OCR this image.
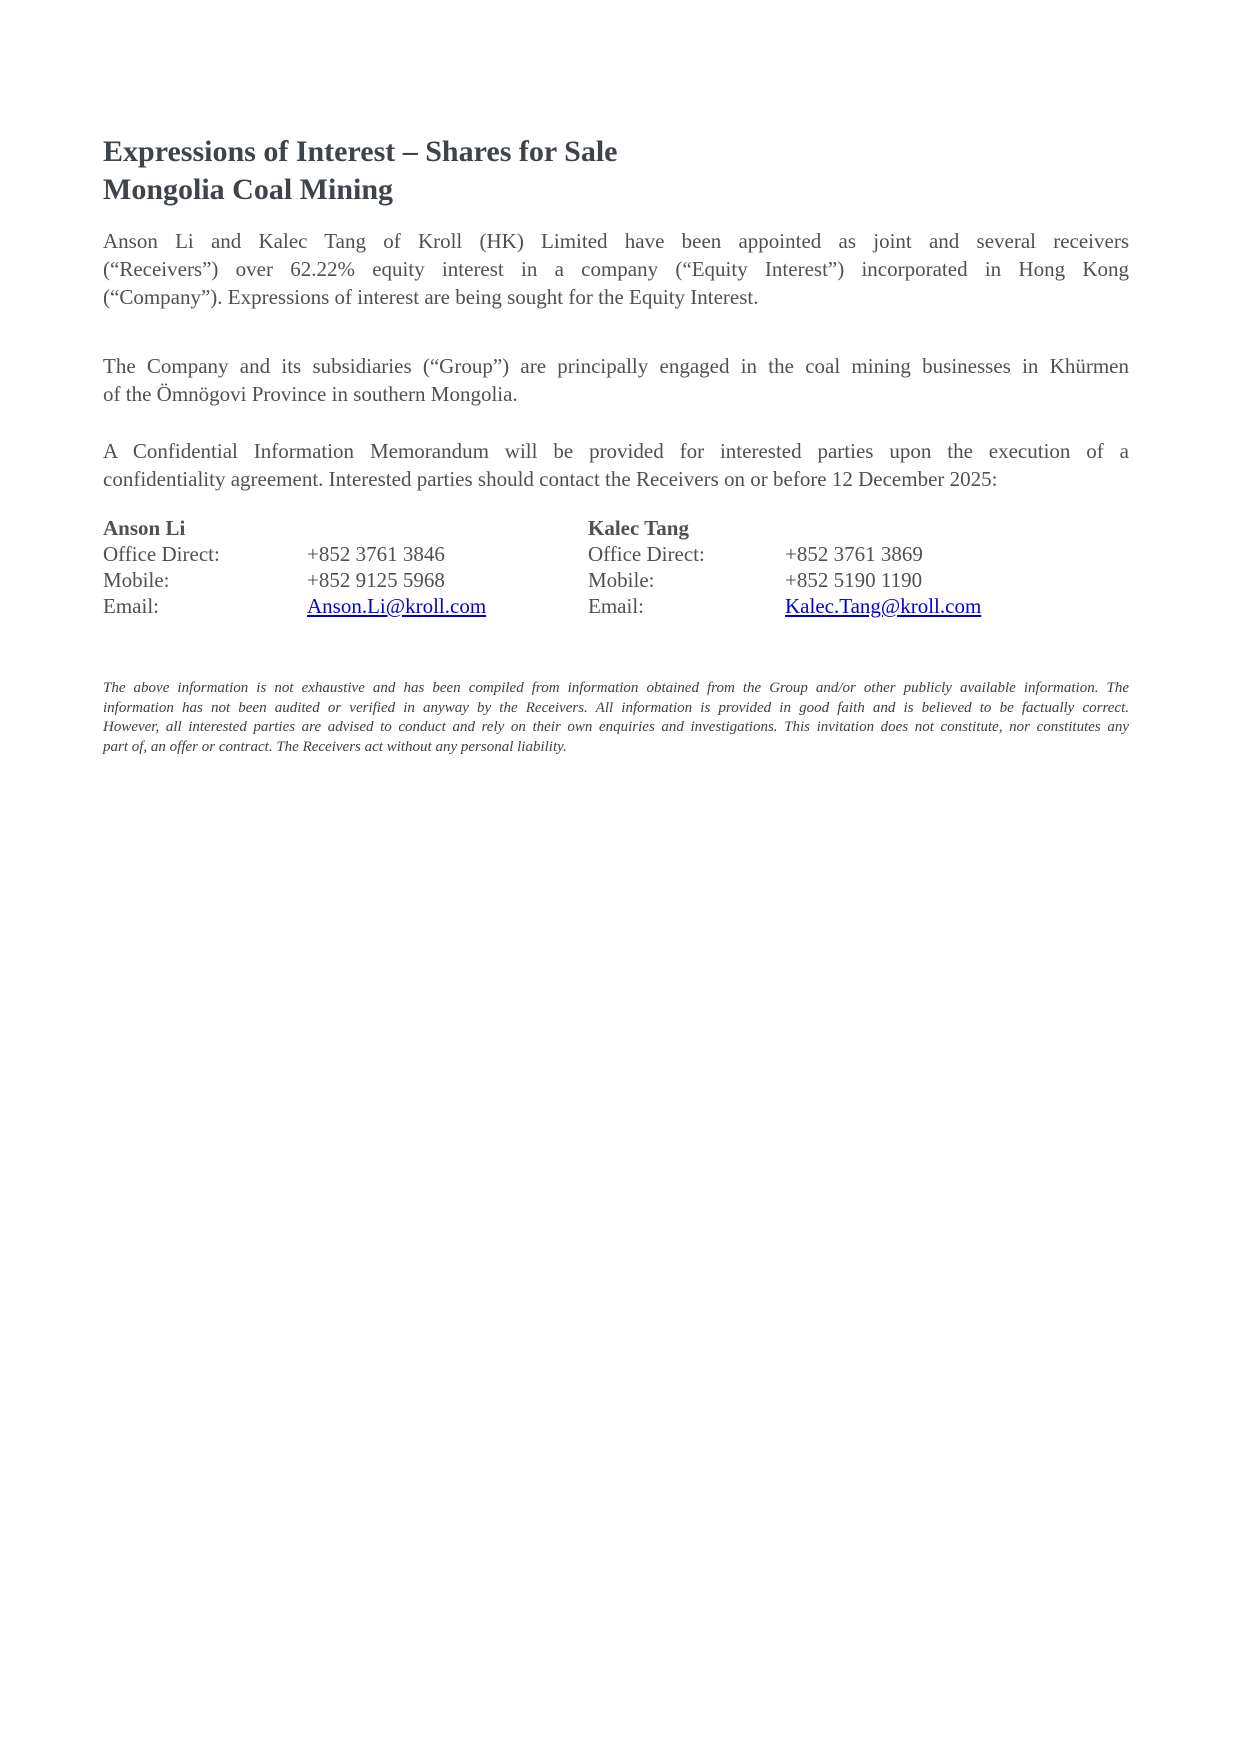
Expressions of Interest – Shares for Sale
Mongolia Coal Mining
Anson Li and Kalec Tang of Kroll (HK) Limited have been appointed as joint and several receivers
(“Receivers”) over 62.22% equity interest in a company (“Equity Interest”) incorporated in Hong Kong
(“Company”). Expressions of interest are being sought for the Equity Interest.
The Company and its subsidiaries (“Group”) are principally engaged in the coal mining businesses in Khürmen
of the Ömnögovi Province in southern Mongolia.
A Confidential Information Memorandum will be provided for interested parties upon the execution of a
confidentiality agreement. Interested parties should contact the Receivers on or before 12 December 2025:
Anson Li
Office Direct:	+852 3761 3846
Mobile:	+852 9125 5968
Email:	Anson.Li@kroll.com
Kalec Tang
Office Direct:	+852 3761 3869
Mobile:	+852 5190 1190
Email:	Kalec.Tang@kroll.com
The above information is not exhaustive and has been compiled from information obtained from the Group and/or other publicly available information. The
information has not been audited or verified in anyway by the Receivers. All information is provided in good faith and is believed to be factually correct.
However, all interested parties are advised to conduct and rely on their own enquiries and investigations. This invitation does not constitute, nor constitutes any
part of, an offer or contract. The Receivers act without any personal liability.
